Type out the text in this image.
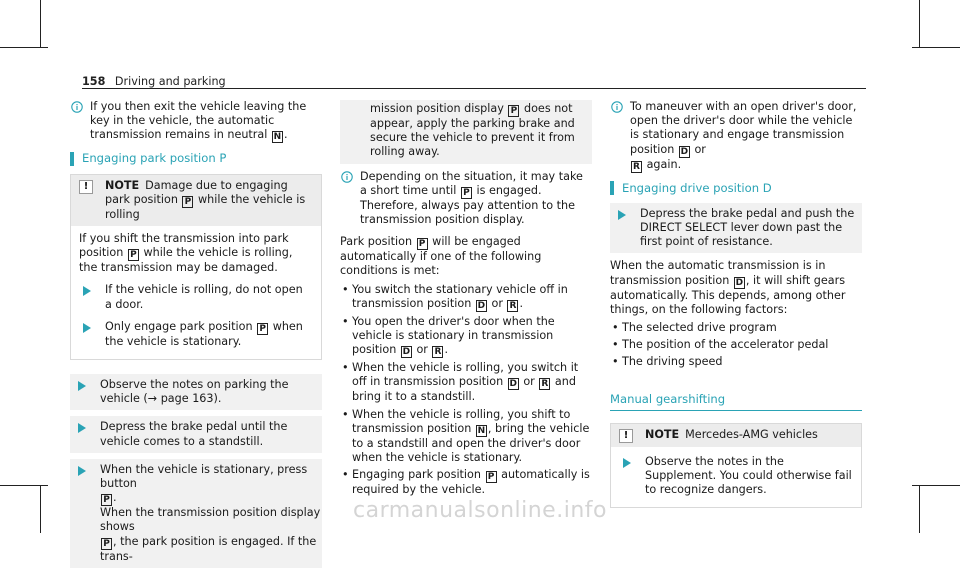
158 Driving and parking

If you then exit the vehicle leaving the key in the vehicle, the automatic transmission remains in neutral N .

Engaging park position P
!	NOTE Damage due to engaging park position P while the vehicle is rolling

If you shift the transmission into park position P while the vehicle is rolling, the transmission may be damaged.

If the vehicle is rolling, do not open a door.

Only engage park position P when the vehicle is stationary.

Observe the notes on parking the vehicle (→ page 163).

Depress the brake pedal until the vehicle comes to a standstill.

When the vehicle is stationary, press button
P .
When the transmission position display shows
P , the park position is engaged. If the trans-

mission position display P does not appear, apply the parking brake and secure the vehicle to prevent it from rolling away.

Depending on the situation, it may take a short time until P is engaged. Therefore, always pay attention to the transmission position display.

Park position P will be engaged automatically if one of the following conditions is met:

• You switch the stationary vehicle off in transmission position D or R .
• You open the driver's door when the vehicle is stationary in transmission position D or R .
• When the vehicle is rolling, you switch it off in transmission position D or R and bring it to a standstill.
• When the vehicle is rolling, you shift to transmission position N , bring the vehicle to a standstill and open the driver's door when the vehicle is stationary.
• Engaging park position P automatically is required by the vehicle.

To maneuver with an open driver's door, open the driver's door while the vehicle is stationary and engage transmission position D or
R again.

Engaging drive position D

Depress the brake pedal and push the DIRECT SELECT lever down past the first point of resistance.

When the automatic transmission is in transmission position D , it will shift gears automatically. This depends, among other things, on the following factors:

• The selected drive program
• The position of the accelerator pedal
• The driving speed
Manual gearshifting
!	NOTE Mercedes-AMG vehicles

Observe the notes in the Supplement. You could otherwise fail to recognize dangers.

carmanualsonline.info
